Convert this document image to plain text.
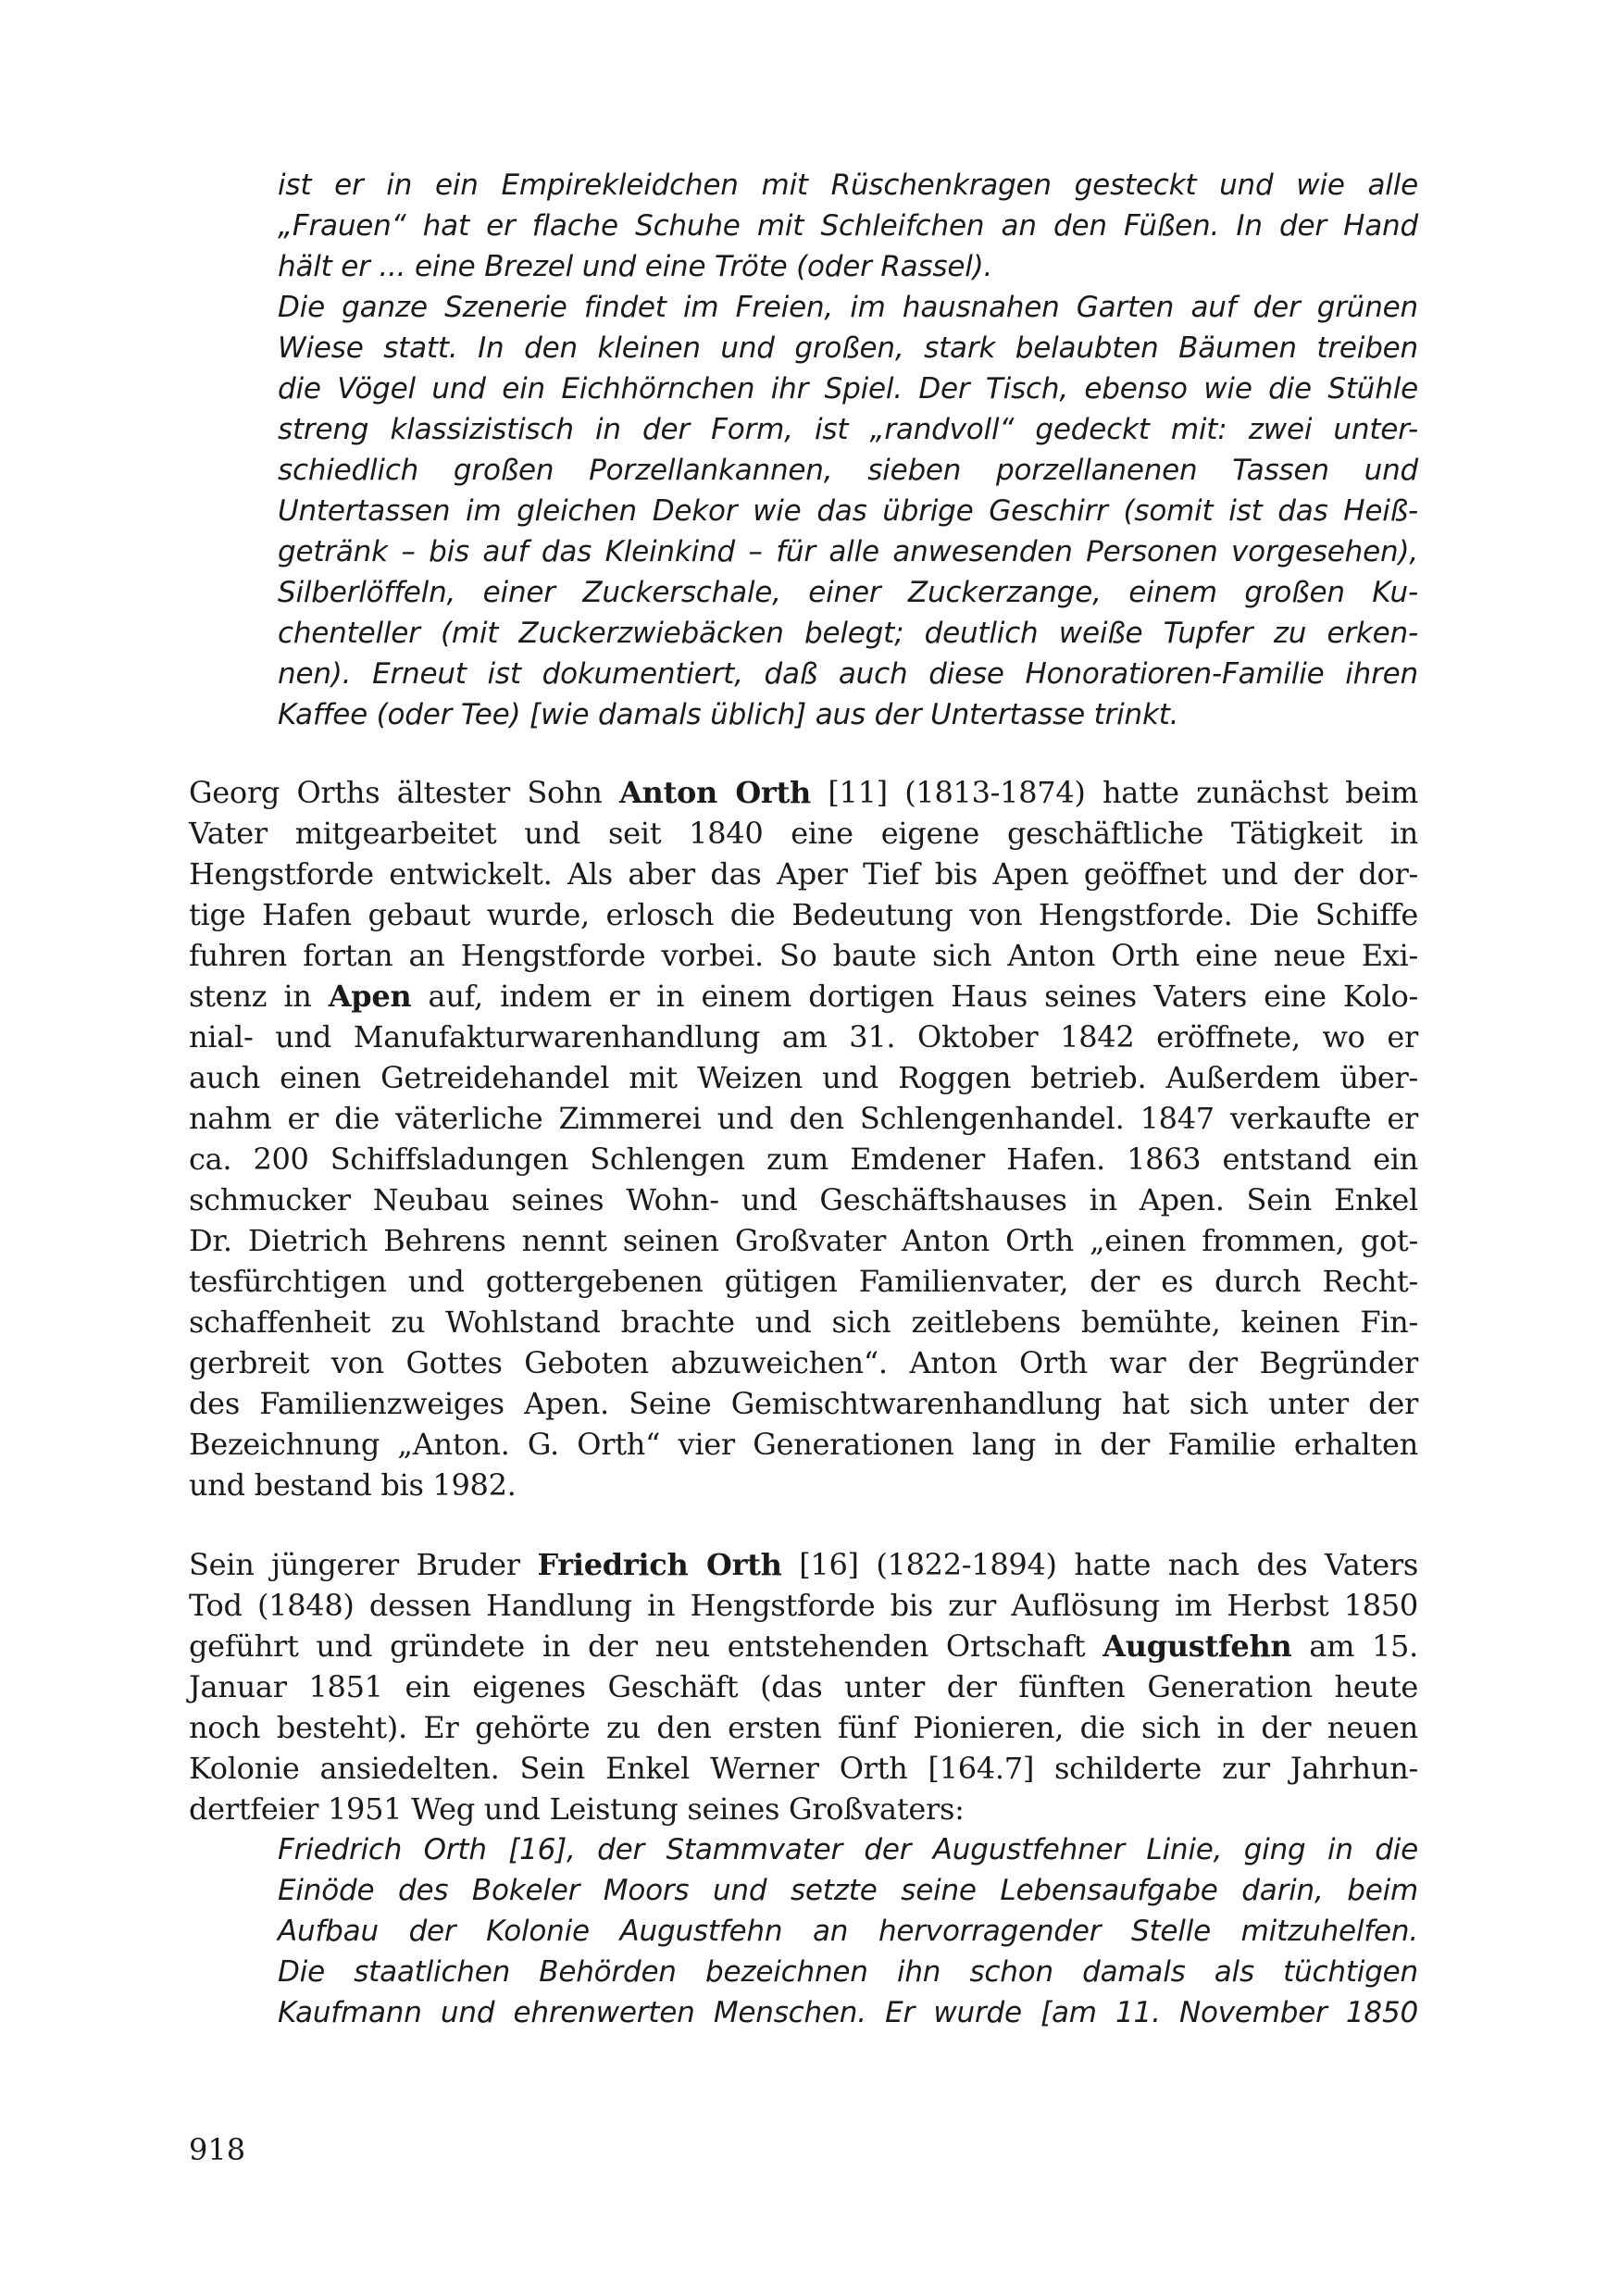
ist er in ein Empirekleidchen mit Rüschenkragen gesteckt und wie alle

„Frauen“ hat er flache Schuhe mit Schleifchen an den Füßen. In der Hand

hält er ... eine Brezel und eine Tröte (oder Rassel).

Die ganze Szenerie findet im Freien, im hausnahen Garten auf der grünen

Wiese statt. In den kleinen und großen, stark belaubten Bäumen treiben

die Vögel und ein Eichhörnchen ihr Spiel. Der Tisch, ebenso wie die Stühle

streng klassizistisch in der Form, ist „randvoll“ gedeckt mit: zwei unter-

schiedlich großen Porzellankannen, sieben porzellanenen Tassen und

Untertassen im gleichen Dekor wie das übrige Geschirr (somit ist das Heiß-

getränk – bis auf das Kleinkind – für alle anwesenden Personen vorgesehen),

Silberlöffeln, einer Zuckerschale, einer Zuckerzange, einem großen Ku-

chenteller (mit Zuckerzwiebäcken belegt; deutlich weiße Tupfer zu erken-

nen). Erneut ist dokumentiert, daß auch diese Honoratioren-Familie ihren

Kaffee (oder Tee) [wie damals üblich] aus der Untertasse trinkt.

Georg Orths ältester Sohn Anton Orth [11] (1813-1874) hatte zunächst beim

Vater mitgearbeitet und seit 1840 eine eigene geschäftliche Tätigkeit in

Hengstforde entwickelt. Als aber das Aper Tief bis Apen geöffnet und der dor-

tige Hafen gebaut wurde, erlosch die Bedeutung von Hengstforde. Die Schiffe

fuhren fortan an Hengstforde vorbei. So baute sich Anton Orth eine neue Exi-

stenz in Apen auf, indem er in einem dortigen Haus seines Vaters eine Kolo-

nial- und Manufakturwarenhandlung am 31. Oktober 1842 eröffnete, wo er

auch einen Getreidehandel mit Weizen und Roggen betrieb. Außerdem über-

nahm er die väterliche Zimmerei und den Schlengenhandel. 1847 verkaufte er

ca. 200 Schiffsladungen Schlengen zum Emdener Hafen. 1863 entstand ein

schmucker Neubau seines Wohn- und Geschäftshauses in Apen. Sein Enkel

Dr. Dietrich Behrens nennt seinen Großvater Anton Orth „einen frommen, got-

tesfürchtigen und gottergebenen gütigen Familienvater, der es durch Recht-

schaffenheit zu Wohlstand brachte und sich zeitlebens bemühte, keinen Fin-

gerbreit von Gottes Geboten abzuweichen“. Anton Orth war der Begründer

des Familienzweiges Apen. Seine Gemischtwarenhandlung hat sich unter der

Bezeichnung „Anton. G. Orth“ vier Generationen lang in der Familie erhalten

und bestand bis 1982.

Sein jüngerer Bruder Friedrich Orth [16] (1822-1894) hatte nach des Vaters

Tod (1848) dessen Handlung in Hengstforde bis zur Auflösung im Herbst 1850

geführt und gründete in der neu entstehenden Ortschaft Augustfehn am 15.

Januar 1851 ein eigenes Geschäft (das unter der fünften Generation heute

noch besteht). Er gehörte zu den ersten fünf Pionieren, die sich in der neuen

Kolonie ansiedelten. Sein Enkel Werner Orth [164.7] schilderte zur Jahrhun-

dertfeier 1951 Weg und Leistung seines Großvaters:

Friedrich Orth [16], der Stammvater der Augustfehner Linie, ging in die

Einöde des Bokeler Moors und setzte seine Lebensaufgabe darin, beim

Aufbau der Kolonie Augustfehn an hervorragender Stelle mitzuhelfen.

Die staatlichen Behörden bezeichnen ihn schon damals als tüchtigen

Kaufmann und ehrenwerten Menschen. Er wurde [am 11. November 1850

918
